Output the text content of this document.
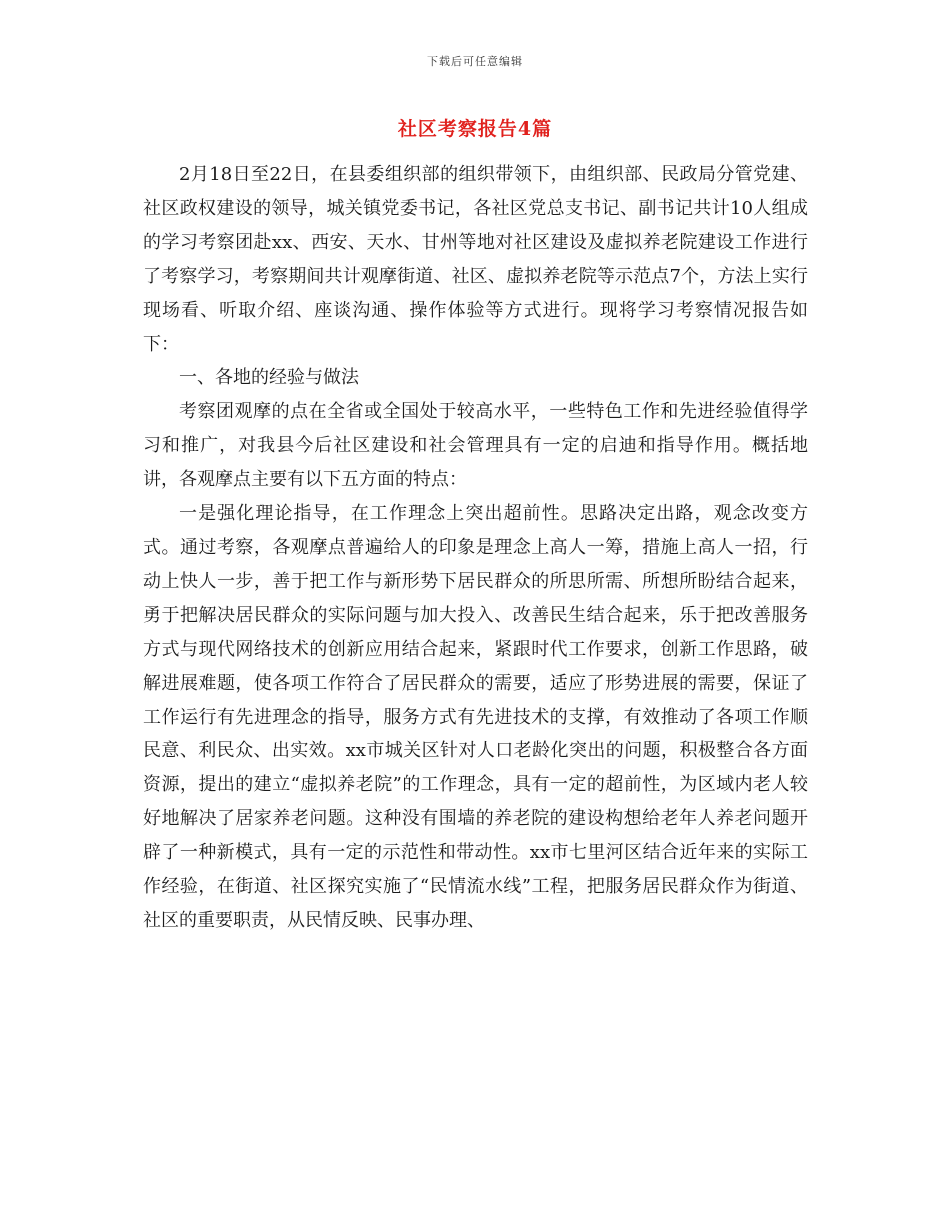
下载后可任意编辑
社区考察报告4篇

2月18日至22日，在县委组织部的组织带领下，由组织部、民政局分管党建、社区政权建设的领导，城关镇党委书记，各社区党总支书记、副书记共计10人组成的学习考察团赴xx、西安、天水、甘州等地对社区建设及虚拟养老院建设工作进行了考察学习，考察期间共计观摩街道、社区、虚拟养老院等示范点7个，方法上实行现场看、听取介绍、座谈沟通、操作体验等方式进行。现将学习考察情况报告如下：

一、各地的经验与做法

考察团观摩的点在全省或全国处于较高水平，一些特色工作和先进经验值得学习和推广，对我县今后社区建设和社会管理具有一定的启迪和指导作用。概括地讲，各观摩点主要有以下五方面的特点：

一是强化理论指导，在工作理念上突出超前性。思路决定出路，观念改变方式。通过考察，各观摩点普遍给人的印象是理念上高人一筹，措施上高人一招，行动上快人一步，善于把工作与新形势下居民群众的所思所需、所想所盼结合起来，勇于把解决居民群众的实际问题与加大投入、改善民生结合起来，乐于把改善服务方式与现代网络技术的创新应用结合起来，紧跟时代工作要求，创新工作思路，破解进展难题，使各项工作符合了居民群众的需要，适应了形势进展的需要，保证了工作运行有先进理念的指导，服务方式有先进技术的支撑，有效推动了各项工作顺民意、利民众、出实效。xx市城关区针对人口老龄化突出的问题，积极整合各方面资源，提出的建立“虚拟养老院”的工作理念，具有一定的超前性，为区域内老人较好地解决了居家养老问题。这种没有围墙的养老院的建设构想给老年人养老问题开辟了一种新模式，具有一定的示范性和带动性。xx市七里河区结合近年来的实际工作经验，在街道、社区探究实施了“民情流水线”工程，把服务居民群众作为街道、社区的重要职责，从民情反映、民事办理、
